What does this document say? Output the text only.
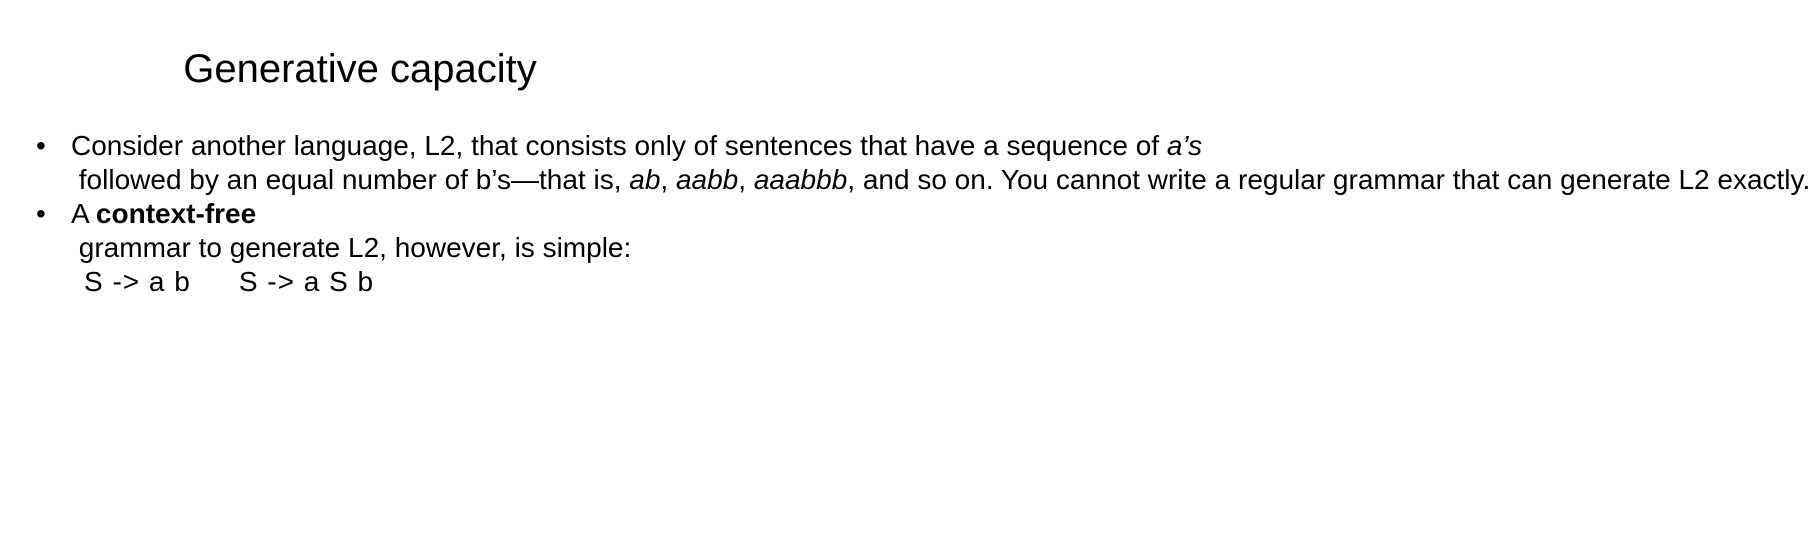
Generative capacity
• Consider another language, L2, that consists only of sentences that have a sequence of a’s followed by an equal number of b’s—that is, ab, aabb, aaabbb, and so on. You cannot write a regular grammar that can generate L2 exactly.
• A context-free grammar to generate L2, however, is simple:
S -> a b S -> a S b
